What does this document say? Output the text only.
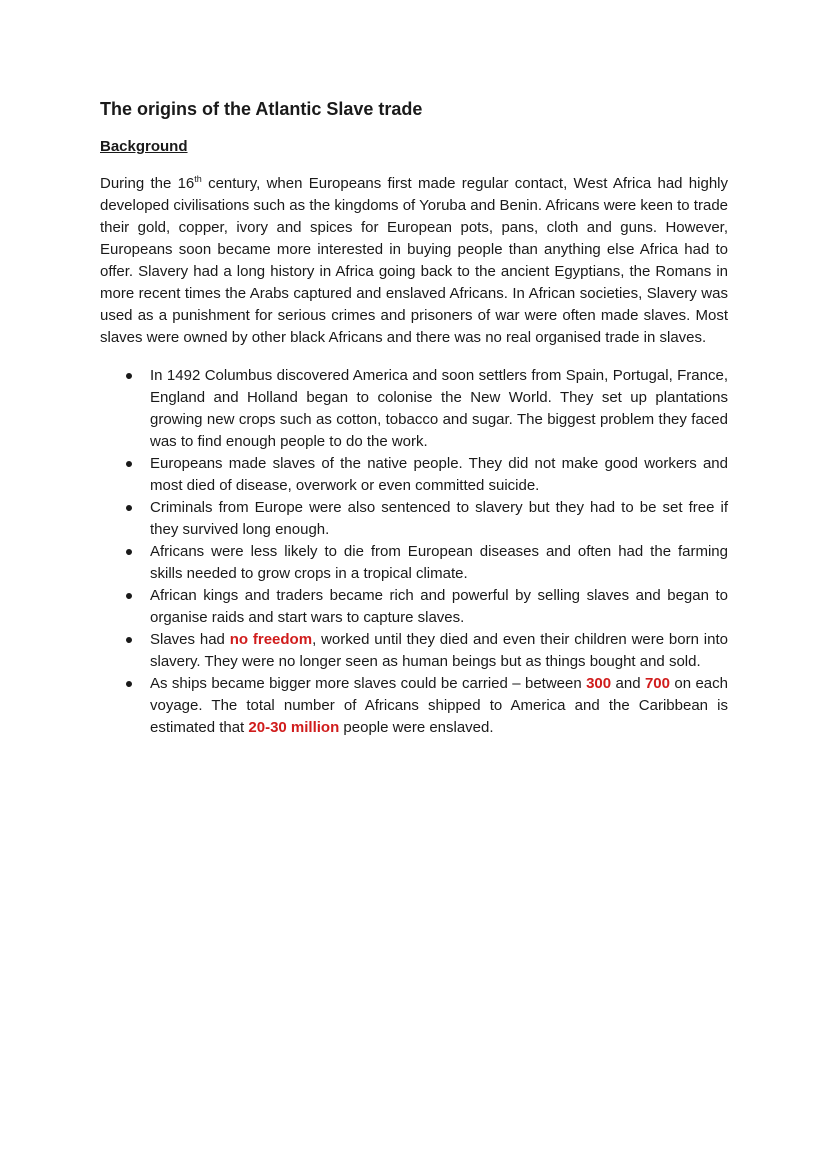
The origins of the Atlantic Slave trade
Background

During the 16th century, when Europeans first made regular contact, West Africa had highly developed civilisations such as the kingdoms of Yoruba and Benin. Africans were keen to trade their gold, copper, ivory and spices for European pots, pans, cloth and guns. However, Europeans soon became more interested in buying people than anything else Africa had to offer. Slavery had a long history in Africa going back to the ancient Egyptians, the Romans in more recent times the Arabs captured and enslaved Africans. In African societies, Slavery was used as a punishment for serious crimes and prisoners of war were often made slaves. Most slaves were owned by other black Africans and there was no real organised trade in slaves.

In 1492 Columbus discovered America and soon settlers from Spain, Portugal, France, England and Holland began to colonise the New World. They set up plantations growing new crops such as cotton, tobacco and sugar. The biggest problem they faced was to find enough people to do the work.
Europeans made slaves of the native people. They did not make good workers and most died of disease, overwork or even committed suicide.
Criminals from Europe were also sentenced to slavery but they had to be set free if they survived long enough.
Africans were less likely to die from European diseases and often had the farming skills needed to grow crops in a tropical climate.
African kings and traders became rich and powerful by selling slaves and began to organise raids and start wars to capture slaves.
Slaves had no freedom, worked until they died and even their children were born into slavery. They were no longer seen as human beings but as things bought and sold.
As ships became bigger more slaves could be carried – between 300 and 700 on each voyage. The total number of Africans shipped to America and the Caribbean is estimated that 20-30 million people were enslaved.
